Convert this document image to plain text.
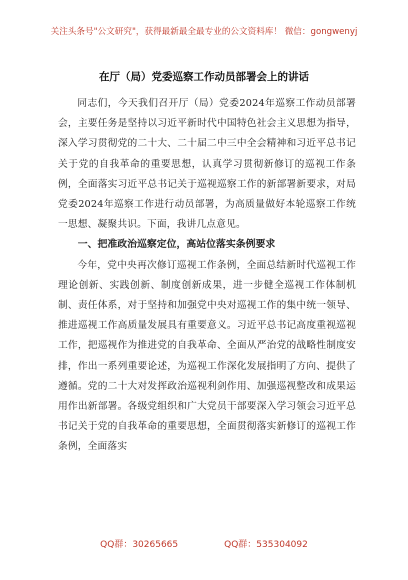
关注头条号"公文研究"，获得最新最全最专业的公文资料库！ 微信：gongwenyj
在厅（局）党委巡察工作动员部署会上的讲话

同志们，今天我们召开厅（局）党委2024年巡察工作动员部署会，主要任务是坚持以习近平新时代中国特色社会主义思想为指导，深入学习贯彻党的二十大、二十届二中三中全会精神和习近平总书记关于党的自我革命的重要思想，认真学习贯彻新修订的巡视工作条例，全面落实习近平总书记关于巡视巡察工作的新部署新要求，对局党委2024年巡察工作进行动员部署，为高质量做好本轮巡察工作统一思想、凝聚共识。下面，我讲几点意见。

一、把准政治巡察定位，高站位落实条例要求

今年，党中央再次修订巡视工作条例，全面总结新时代巡视工作理论创新、实践创新、制度创新成果，进一步健全巡视工作体制机制、责任体系，对于坚持和加强党中央对巡视工作的集中统一领导、推进巡视工作高质量发展具有重要意义。习近平总书记高度重视巡视工作，把巡视作为推进党的自我革命、全面从严治党的战略性制度安排，作出一系列重要论述，为巡视工作深化发展指明了方向、提供了遵循。党的二十大对发挥政治巡视利剑作用、加强巡视整改和成果运用作出新部署。各级党组织和广大党员干部要深入学习领会习近平总书记关于党的自我革命的重要思想，全面贯彻落实新修订的巡视工作条例，全面落实

QQ群：30265665	QQ群：535304092
